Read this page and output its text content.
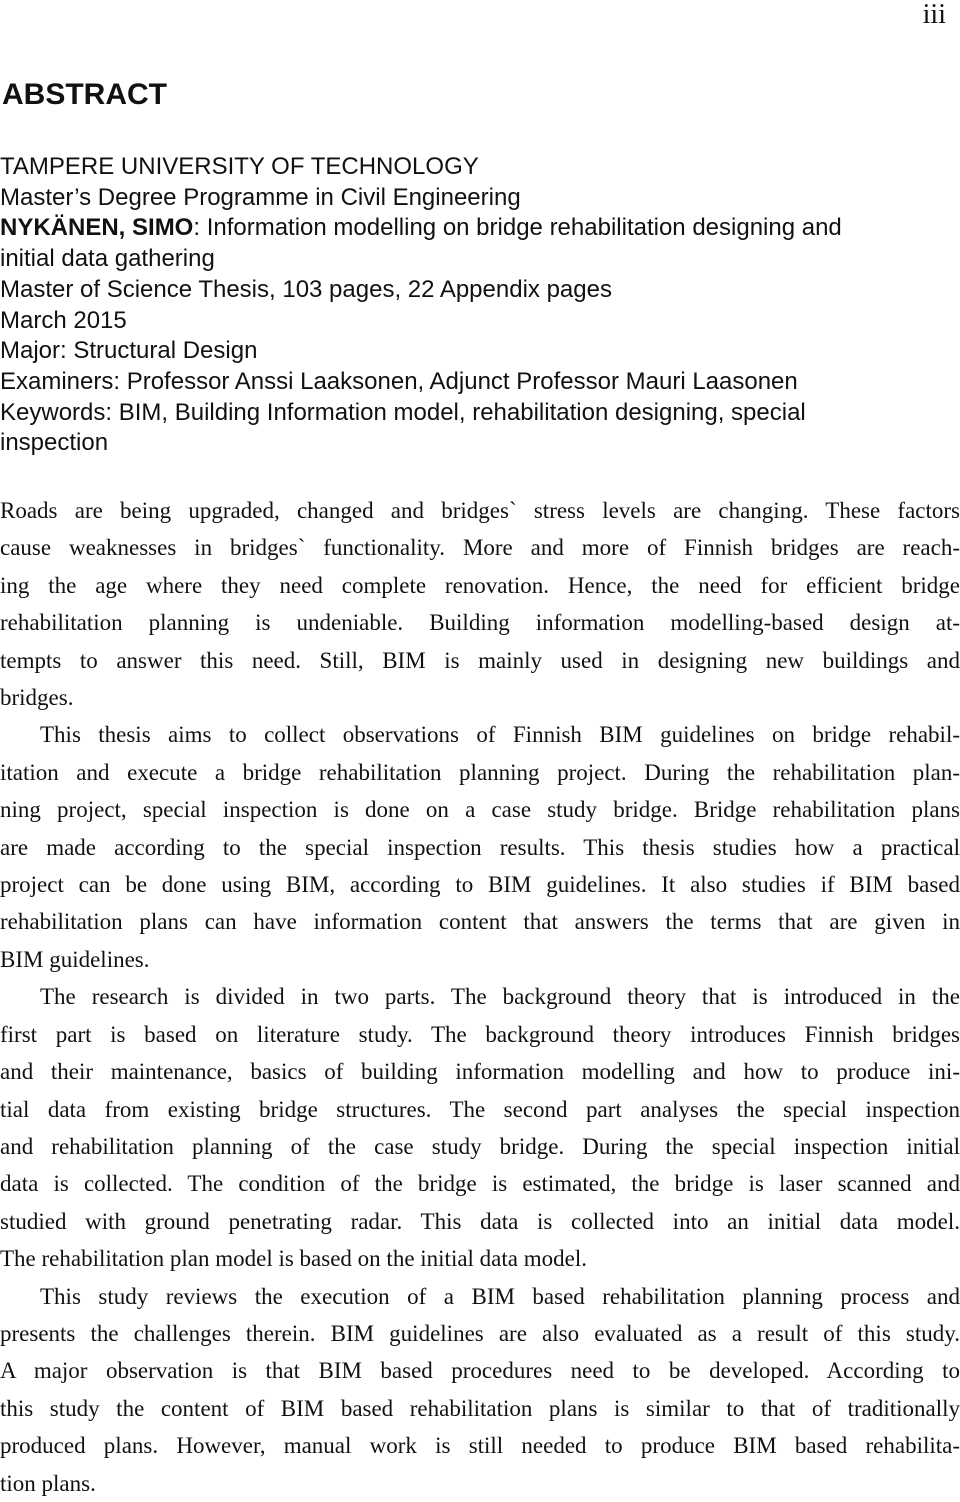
iii
ABSTRACT
TAMPERE UNIVERSITY OF TECHNOLOGY
Master’s Degree Programme in Civil Engineering
NYKÄNEN, SIMO: Information modelling on bridge rehabilitation designing and
initial data gathering
Master of Science Thesis, 103 pages, 22 Appendix pages
March 2015
Major: Structural Design
Examiners: Professor Anssi Laaksonen, Adjunct Professor Mauri Laasonen
Keywords: BIM, Building Information model, rehabilitation designing, special
inspection

Roads are being upgraded, changed and bridges` stress levels are changing. These factors
cause weaknesses in bridges` functionality. More and more of Finnish bridges are reach-
ing the age where they need complete renovation. Hence, the need for efficient bridge
rehabilitation planning is undeniable. Building information modelling-based design at-
tempts to answer this need. Still, BIM is mainly used in designing new buildings and
bridges.

This thesis aims to collect observations of Finnish BIM guidelines on bridge rehabil-
itation and execute a bridge rehabilitation planning project. During the rehabilitation plan-
ning project, special inspection is done on a case study bridge. Bridge rehabilitation plans
are made according to the special inspection results. This thesis studies how a practical
project can be done using BIM, according to BIM guidelines. It also studies if BIM based
rehabilitation plans can have information content that answers the terms that are given in
BIM guidelines.

The research is divided in two parts. The background theory that is introduced in the
first part is based on literature study. The background theory introduces Finnish bridges
and their maintenance, basics of building information modelling and how to produce ini-
tial data from existing bridge structures. The second part analyses the special inspection
and rehabilitation planning of the case study bridge. During the special inspection initial
data is collected. The condition of the bridge is estimated, the bridge is laser scanned and
studied with ground penetrating radar. This data is collected into an initial data model.
The rehabilitation plan model is based on the initial data model.

This study reviews the execution of a BIM based rehabilitation planning process and
presents the challenges therein. BIM guidelines are also evaluated as a result of this study.
A major observation is that BIM based procedures need to be developed. According to
this study the content of BIM based rehabilitation plans is similar to that of traditionally
produced plans. However, manual work is still needed to produce BIM based rehabilita-
tion plans.
